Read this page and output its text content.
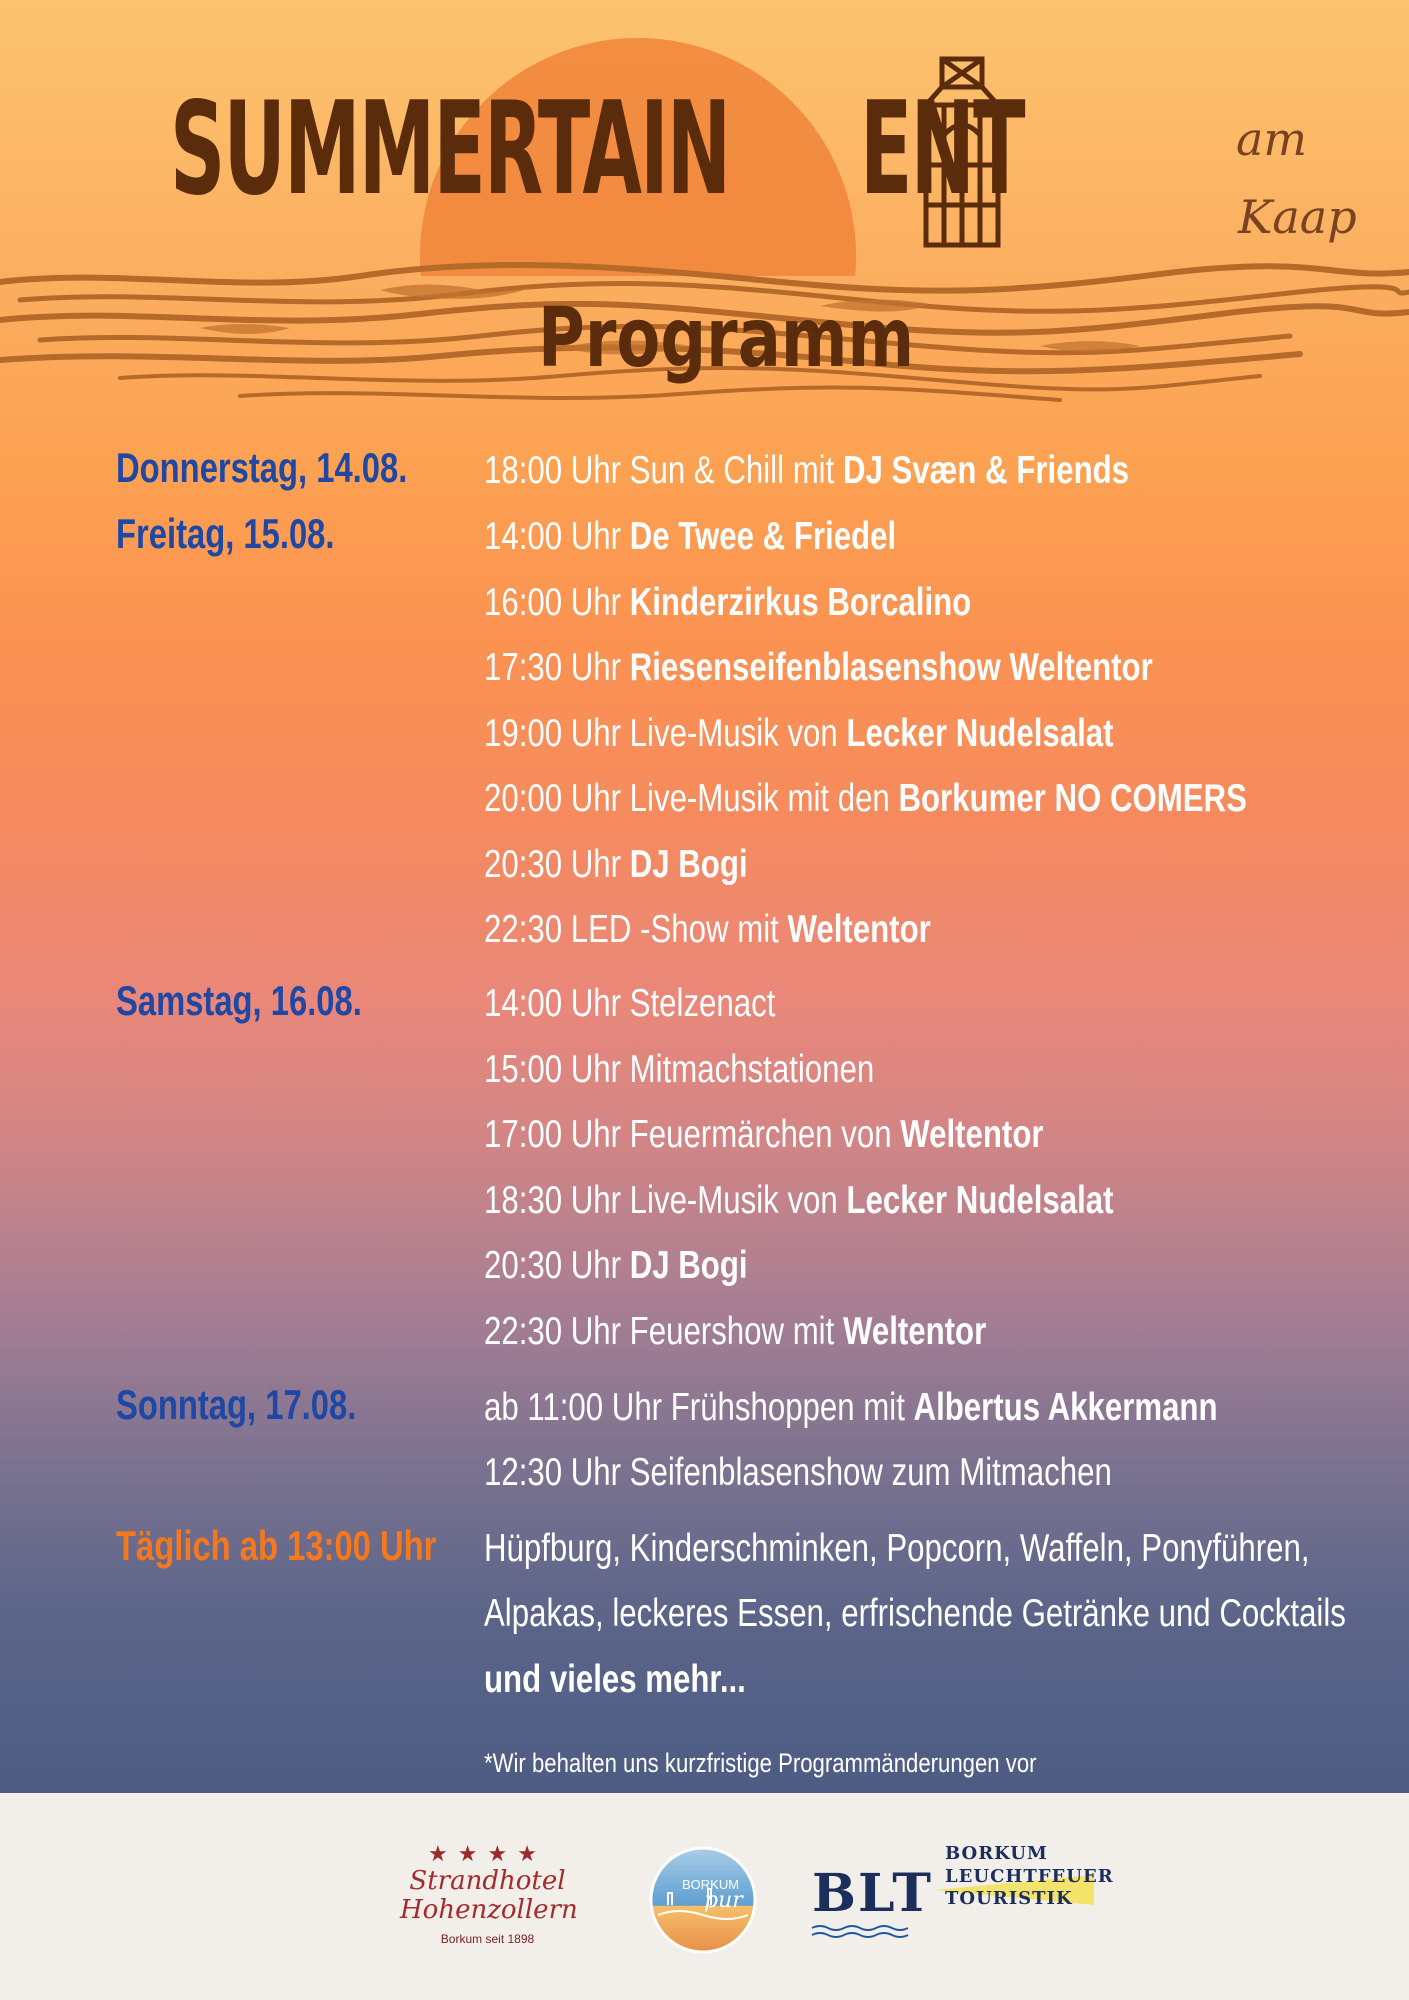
SUMMERTAIN
M
ENT	am
Kaap
Programm

Donnerstag, 14.08. 18:00 Uhr Sun & Chill mit DJ Svæn & Friends

Freitag, 15.08.	14:00 Uhr De Twee & Friedel

16:00 Uhr Kinderzirkus Borcalino

17:30 Uhr Riesenseifenblasenshow Weltentor

19:00 Uhr Live-Musik von Lecker Nudelsalat

20:00 Uhr Live-Musik mit den Borkumer NO COMERS

20:30 Uhr DJ Bogi

22:30 LED -Show mit Weltentor

Samstag, 16.08.	14:00 Uhr Stelzenact

15:00 Uhr Mitmachstationen

17:00 Uhr Feuermärchen von Weltentor

18:30 Uhr Live-Musik von Lecker Nudelsalat

20:30 Uhr DJ Bogi

22:30 Uhr Feuershow mit Weltentor

Sonntag, 17.08.	ab 11:00 Uhr Frühshoppen mit Albertus Akkermann

12:30 Uhr Seifenblasenshow zum Mitmachen

Täglich ab 13:00 Uhr Hüpfburg, Kinderschminken, Popcorn, Waffeln, Ponyführen,

Alpakas, leckeres Essen, erfrischende Getränke und Cocktails

und vieles mehr...

*Wir behalten uns kurzfristige Programmänderungen vor

★★★★
Strandhotel
Hohenzollern
Borkum seit 1898
BORKUM
pur BLT
BORKUM
LEUCHTFEUER
TOURISTIK
